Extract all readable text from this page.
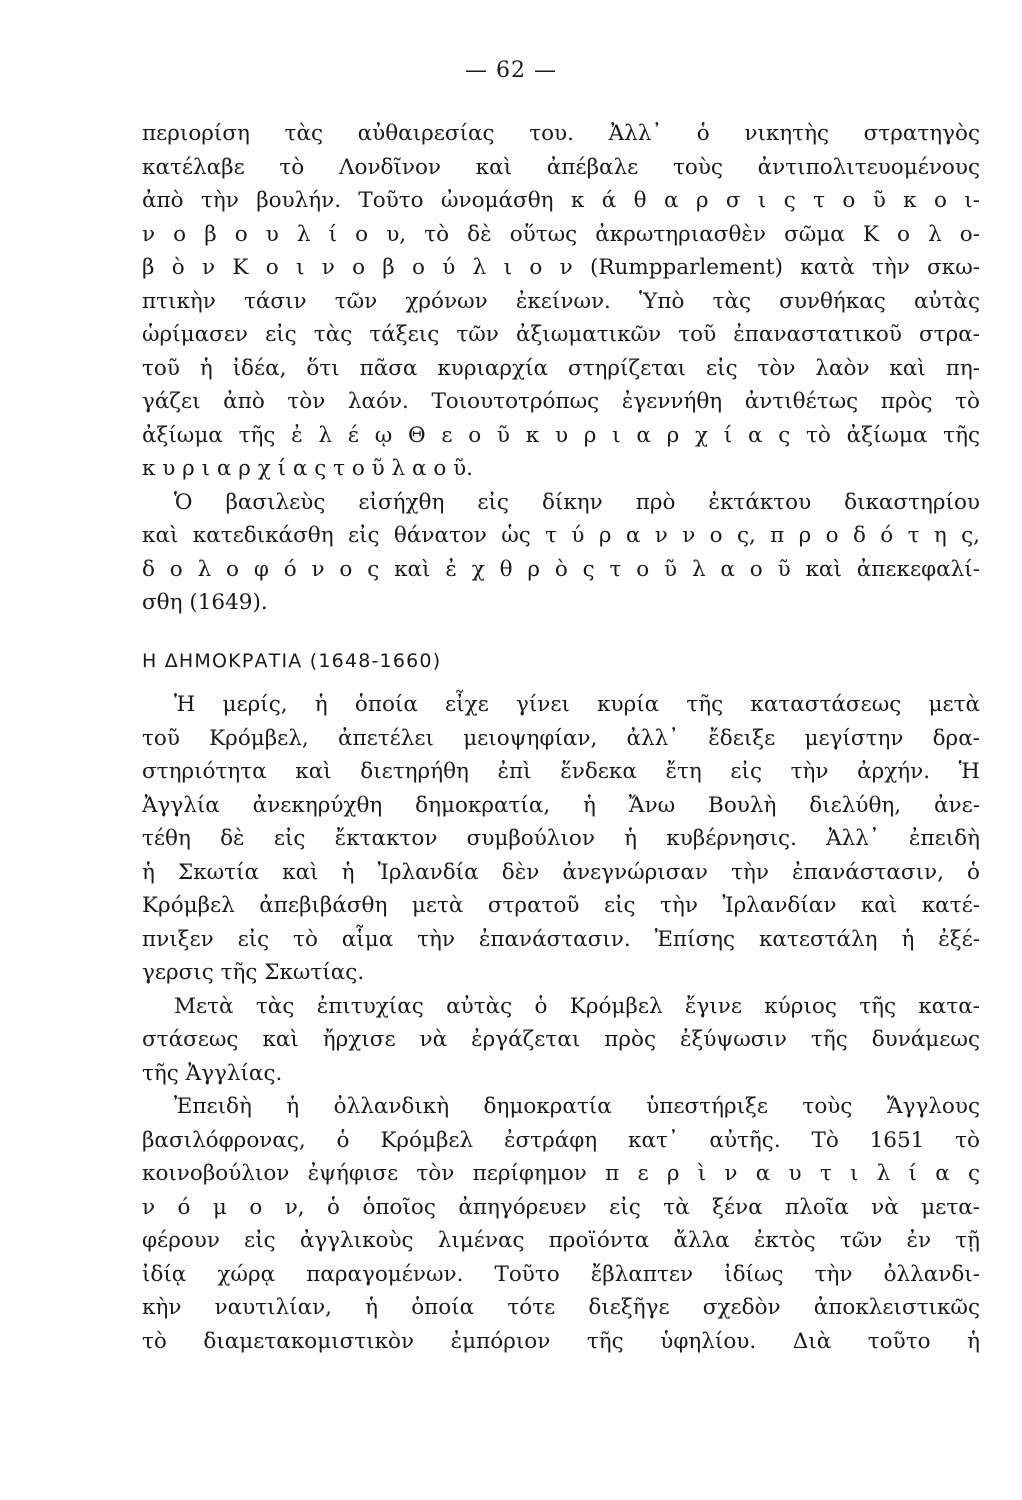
— 62 —
περιορίση τὰς αὐθαιρεσίας του. Ἀλλ᾽ ὁ νικητὴς στρατηγὸς
κατέλαβε τὸ Λονδῖνον καὶ ἀπέβαλε τοὺς ἀντιπολιτευομένους
ἀπὸ τὴν βουλήν. Τοῦτο ὠνομάσθη κ ά θ α ρ σ ι ς τ ο ῦ κ ο ι-
ν ο β ο υ λ ί ο υ, τὸ δὲ οὕτως ἀκρωτηριασθὲν σῶμα Κ ο λ ο-
β ὸ ν Κ ο ι ν ο β ο ύ λ ι ο ν (Rumpparlement) κατὰ τὴν σκω-
πτικὴν τάσιν τῶν χρόνων ἐκείνων. Ὑπὸ τὰς συνθήκας αὐτὰς
ὡρίμασεν εἰς τὰς τάξεις τῶν ἀξιωματικῶν τοῦ ἐπαναστατικοῦ στρα-
τοῦ ἡ ἰδέα, ὅτι πᾶσα κυριαρχία στηρίζεται εἰς τὸν λαὸν καὶ πη-
γάζει ἀπὸ τὸν λαόν. Τοιουτοτρόπως ἐγεννήθη ἀντιθέτως πρὸς τὸ
ἀξίωμα τῆς ἐ λ έ ῳ Θ ε ο ῦ κ υ ρ ι α ρ χ ί α ς τὸ ἀξίωμα τῆς
κ υ ρ ι α ρ χ ί α ς τ ο ῦ λ α ο ῦ.
Ὁ βασιλεὺς εἰσήχθη εἰς δίκην πρὸ ἐκτάκτου δικαστηρίου
καὶ κατεδικάσθη εἰς θάνατον ὡς τ ύ ρ α ν ν ο ς, π ρ ο δ ό τ η ς,
δ ο λ ο φ ό ν ο ς καὶ ἐ χ θ ρ ὸ ς τ ο ῦ λ α ο ῦ καὶ ἀπεκεφαλί-
σθη (1649).
Η ΔΗΜΟΚΡΑΤΙΑ (1648-1660)
Ἡ μερίς, ἡ ὁποία εἶχε γίνει κυρία τῆς καταστάσεως μετὰ
τοῦ Κρόμβελ, ἀπετέλει μειοψηφίαν, ἀλλ᾽ ἔδειξε μεγίστην δρα-
στηριότητα καὶ διετηρήθη ἐπὶ ἕνδεκα ἔτη εἰς τὴν ἀρχήν. Ἡ
Ἀγγλία ἀνεκηρύχθη δημοκρατία, ἡ Ἄνω Βουλὴ διελύθη, ἀνε-
τέθη δὲ εἰς ἔκτακτον συμβούλιον ἡ κυβέρνησις. Ἀλλ᾽ ἐπειδὴ
ἡ Σκωτία καὶ ἡ Ἰρλανδία δὲν ἀνεγνώρισαν τὴν ἐπανάστασιν, ὁ
Κρόμβελ ἀπεβιβάσθη μετὰ στρατοῦ εἰς τὴν Ἰρλανδίαν καὶ κατέ-
πνιξεν εἰς τὸ αἷμα τὴν ἐπανάστασιν. Ἐπίσης κατεστάλη ἡ ἐξέ-
γερσις τῆς Σκωτίας.
Μετὰ τὰς ἐπιτυχίας αὐτὰς ὁ Κρόμβελ ἔγινε κύριος τῆς κατα-
στάσεως καὶ ἤρχισε νὰ ἐργάζεται πρὸς ἐξύψωσιν τῆς δυνάμεως
τῆς Ἀγγλίας.
Ἐπειδὴ ἡ ὀλλανδικὴ δημοκρατία ὑπεστήριξε τοὺς Ἄγγλους
βασιλόφρονας, ὁ Κρόμβελ ἐστράφη κατ᾽ αὐτῆς. Τὸ 1651 τὸ
κοινοβούλιον ἐψήφισε τὸν περίφημον π ε ρ ὶ ν α υ τ ι λ ί α ς
ν ό μ ο ν, ὁ ὁποῖος ἀπηγόρευεν εἰς τὰ ξένα πλοῖα νὰ μετα-
φέρουν εἰς ἀγγλικοὺς λιμένας προϊόντα ἄλλα ἐκτὸς τῶν ἐν τῇ
ἰδίᾳ χώρᾳ παραγομένων. Τοῦτο ἔβλαπτεν ἰδίως τὴν ὀλλανδι-
κὴν ναυτιλίαν, ἡ ὁποία τότε διεξῆγε σχεδὸν ἀποκλειστικῶς
τὸ διαμετακομιστικὸν ἐμπόριον τῆς ὑφηλίου. Διὰ τοῦτο ἡ
